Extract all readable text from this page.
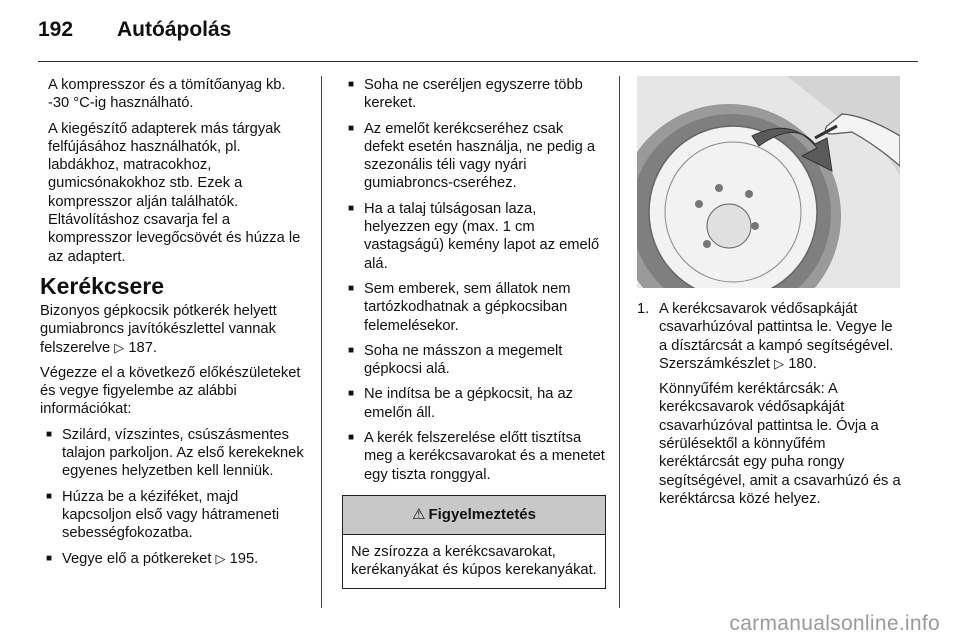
192 Autóápolás

A kompresszor és a tömítőanyag kb. -30 °C-ig használható.

A kiegészítő adapterek más tárgyak felfújásához használhatók, pl. labdákhoz, matracokhoz, gumicsónakokhoz stb. Ezek a kompresszor alján találhatók. Eltávolításhoz csavarja fel a kompresszor levegőcsövét és húzza le az adaptert.

Kerékcsere

Bizonyos gépkocsik pótkerék helyett gumiabroncs javítókészlettel vannak felszerelve ▷ 187.

Végezze el a következő előkészületeket és vegye figyelembe az alábbi információkat:

■ Szilárd, vízszintes, csúszásmentes talajon parkoljon. Az első kerekeknek egyenes helyzetben kell lenniük.
■ Húzza be a kéziféket, majd kapcsoljon első vagy hátrameneti sebességfokozatba.
■ Vegye elő a pótkereket ▷ 195.
■ Soha ne cseréljen egyszerre több kereket.
■ Az emelőt kerékcseréhez csak defekt esetén használja, ne pedig a szezonális téli vagy nyári gumiabroncs-cseréhez.
■ Ha a talaj túlságosan laza, helyezzen egy (max. 1 cm vastagságú) kemény lapot az emelő alá.
■ Sem emberek, sem állatok nem tartózkodhatnak a gépkocsiban felemelésekor.
■ Soha ne másszon a megemelt gépkocsi alá.
■ Ne indítsa be a gépkocsit, ha az emelőn áll.
■ A kerék felszerelése előtt tisztítsa meg a kerékcsavarokat és a menetet egy tiszta ronggyal.
⚠ Figyelmeztetés
Ne zsírozza a kerékcsavarokat, kerékanyákat és kúpos kerekanyákat.
1. A kerékcsavarok védősapkáját csavarhúzóval pattintsa le. Vegye le a dísztárcsát a kampó segítségével. Szerszámkészlet ▷ 180.
Könnyűfém keréktárcsák: A kerékcsavarok védősapkáját csavarhúzóval pattintsa le. Óvja a sérülésektől a könnyűfém keréktárcsát egy puha rongy segítségével, amit a csavarhúzó és a keréktárcsa közé helyez.
carmanualsonline.info
